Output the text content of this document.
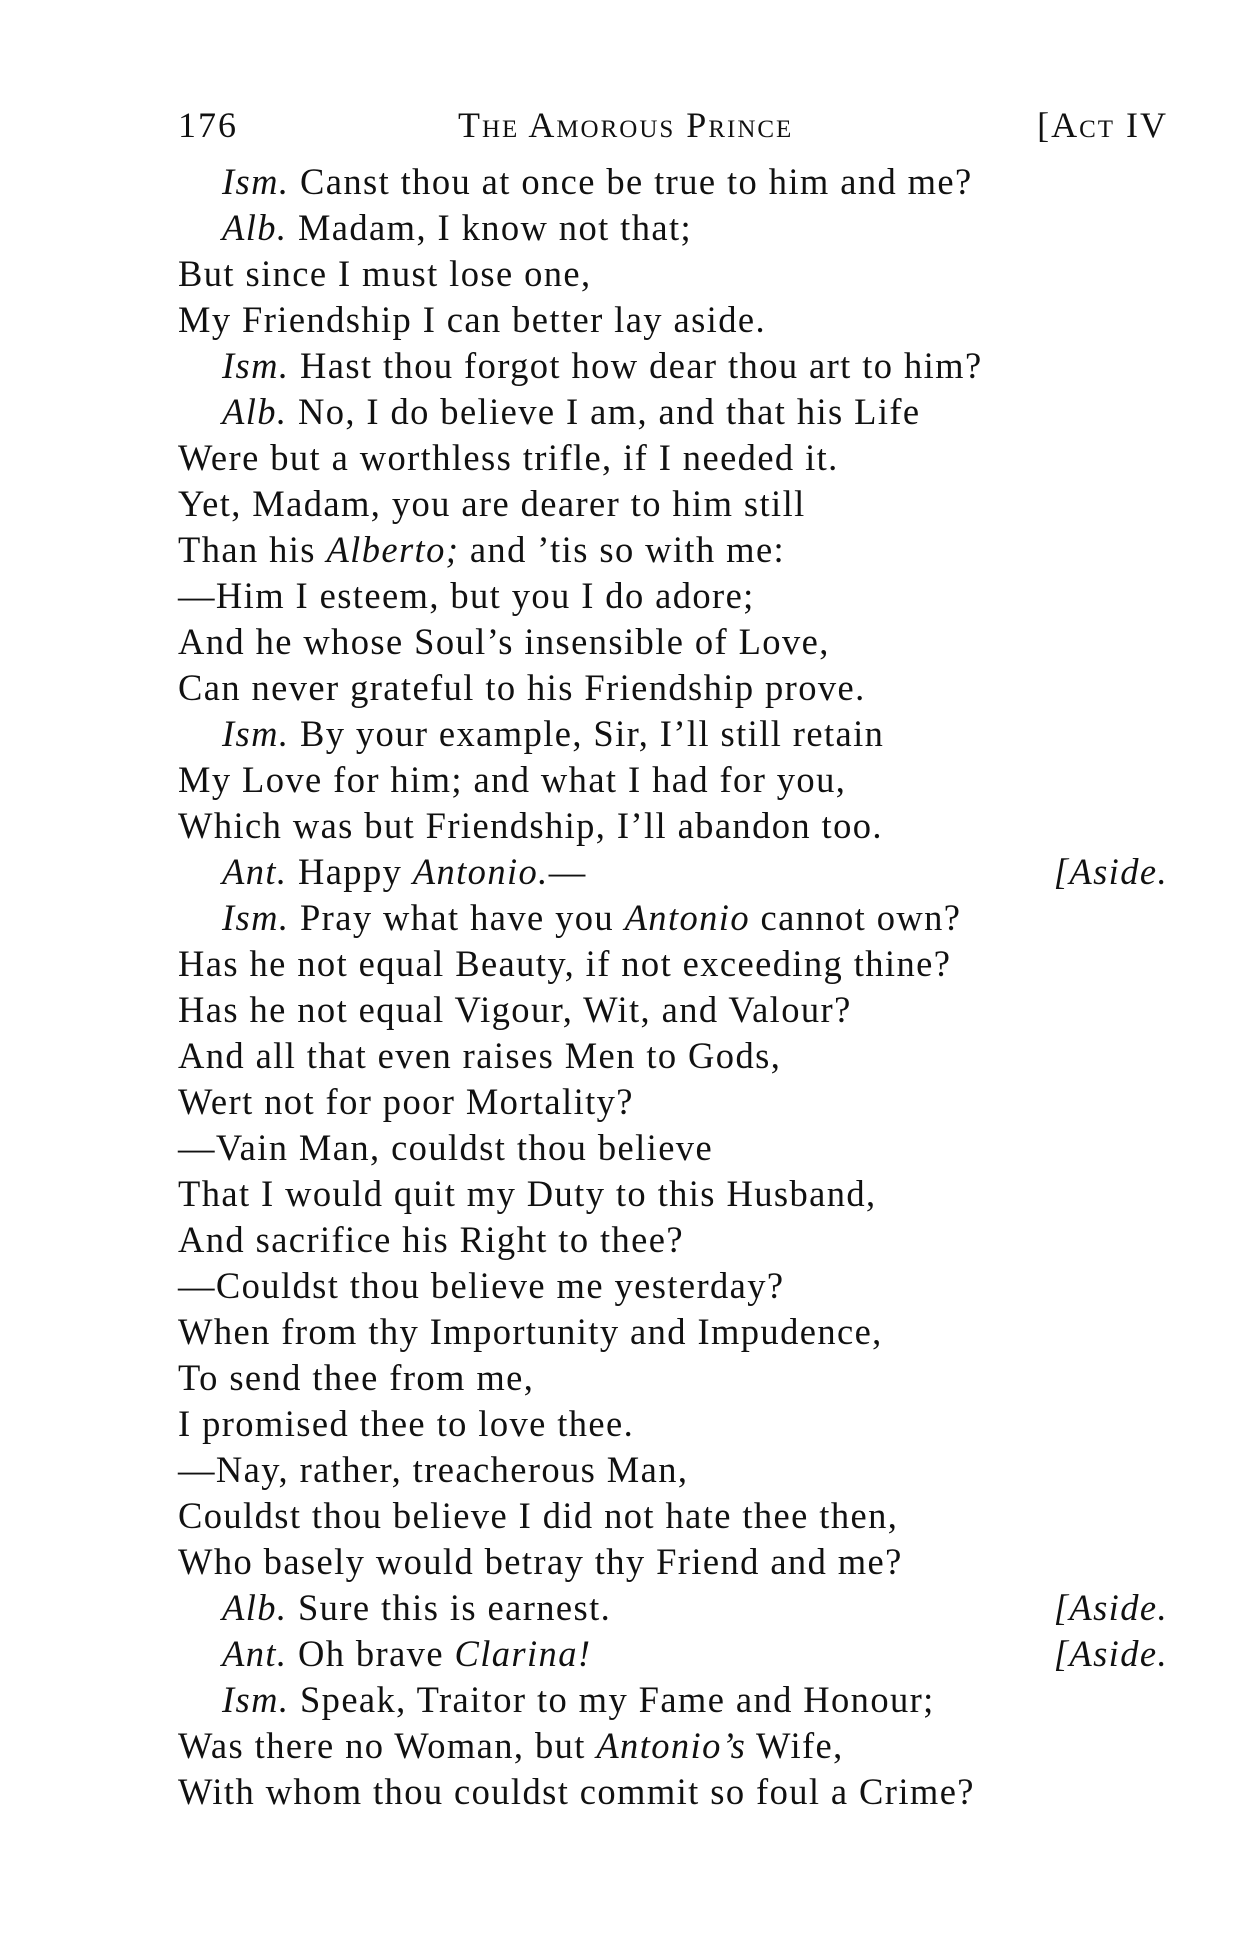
176	The Amorous Prince	[Act IV
Ism. Canst thou at once be true to him and me?
Alb. Madam, I know not that;
But since I must lose one,
My Friendship I can better lay aside.
Ism. Hast thou forgot how dear thou art to him?
Alb. No, I do believe I am, and that his Life
Were but a worthless trifle, if I needed it.
Yet, Madam, you are dearer to him still
Than his Alberto; and ’tis so with me:
—Him I esteem, but you I do adore;
And he whose Soul’s insensible of Love,
Can never grateful to his Friendship prove.
Ism. By your example, Sir, I’ll still retain
My Love for him; and what I had for you,
Which was but Friendship, I’ll abandon too.
Ant. Happy Antonio.—	[Aside.
Ism. Pray what have you Antonio cannot own?
Has he not equal Beauty, if not exceeding thine?
Has he not equal Vigour, Wit, and Valour?
And all that even raises Men to Gods,
Wert not for poor Mortality?
—Vain Man, couldst thou believe
That I would quit my Duty to this Husband,
And sacrifice his Right to thee?
—Couldst thou believe me yesterday?
When from thy Importunity and Impudence,
To send thee from me,
I promised thee to love thee.
—Nay, rather, treacherous Man,
Couldst thou believe I did not hate thee then,
Who basely would betray thy Friend and me?
Alb. Sure this is earnest.	[Aside.
Ant. Oh brave Clarina!	[Aside.
Ism. Speak, Traitor to my Fame and Honour;
Was there no Woman, but Antonio’s Wife,
With whom thou couldst commit so foul a Crime?
